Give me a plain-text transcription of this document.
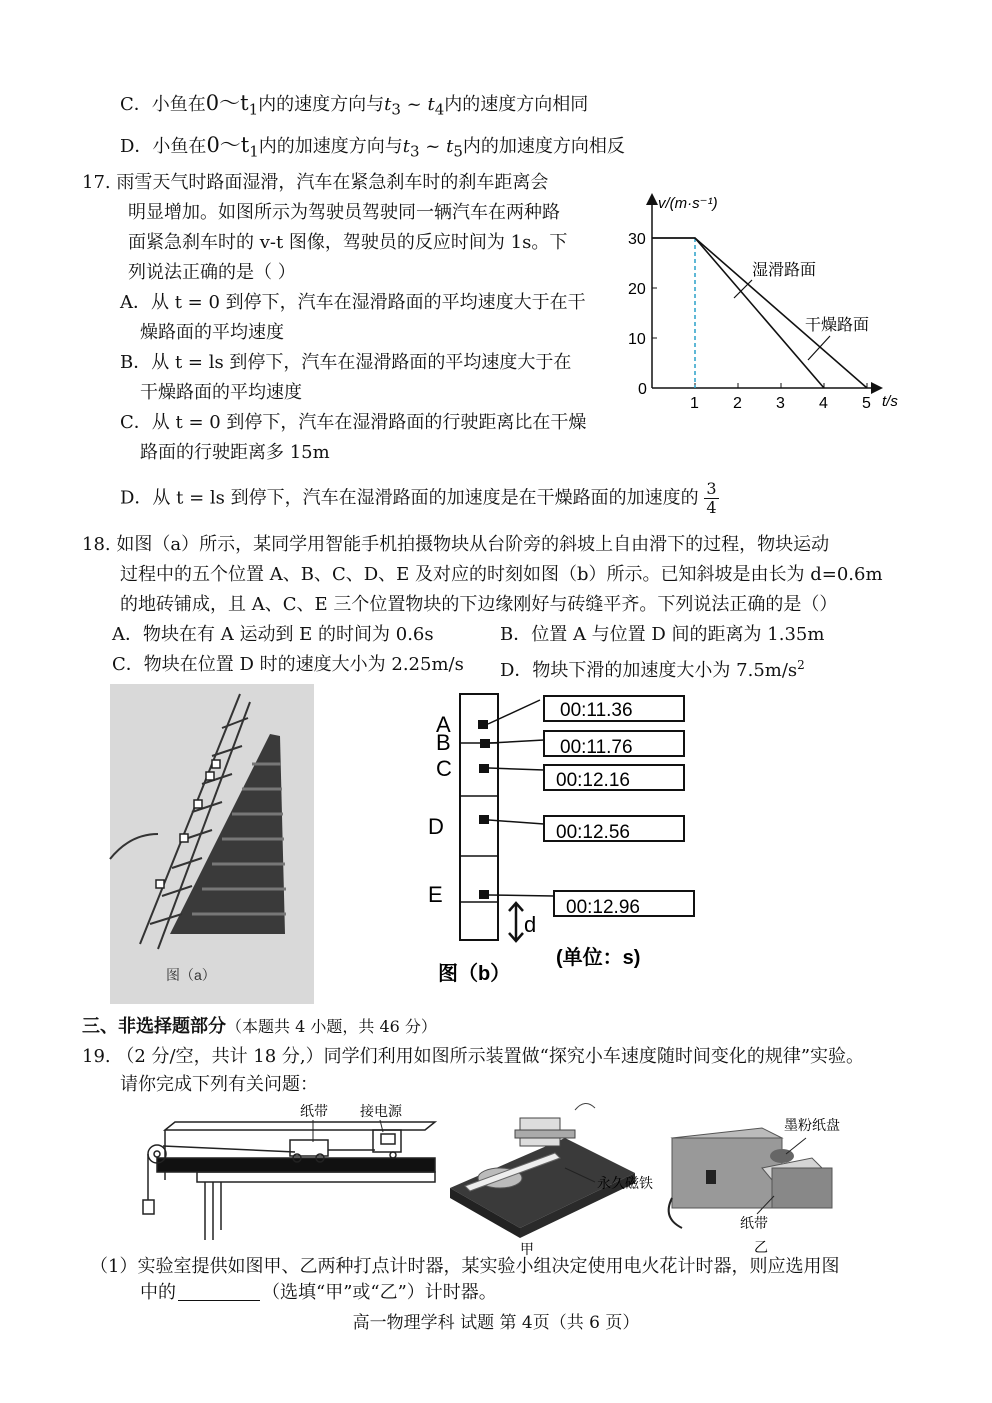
C．小鱼在$0\sim t_1$内的速度方向与$t_3$ ~ $t_4$内的速度方向相同
D．小鱼在$0\sim t_1$内的加速度方向与$t_3$ ~ $t_5$内的加速度方向相反
17. 雨雪天气时路面湿滑，汽车在紧急刹车时的刹车距离会
明显增加。如图所示为驾驶员驾驶同一辆汽车在两种路
面紧急刹车时的 v-t 图像，驾驶员的反应时间为 1s。下
列说法正确的是（ ）
A．从 t = 0 到停下，汽车在湿滑路面的平均速度大于在干
燥路面的平均速度
B．从 t = ls 到停下，汽车在湿滑路面的平均速度大于在
干燥路面的平均速度
C．从 t = 0 到停下，汽车在湿滑路面的行驶距离比在干燥
路面的行驶距离多 15m
D．从 t = ls 到停下，汽车在湿滑路面的加速度是在干燥路面的加速度的 $\frac{3}{4}$
v/(m·s⁻¹)
t/s
1 2 3 4 5
0
10
20
30
湿滑路面
干燥路面
18. 如图（a）所示，某同学用智能手机拍摄物块从台阶旁的斜坡上自由滑下的过程，物块运动
过程中的五个位置 A、B、C、D、E 及对应的时刻如图（b）所示。已知斜坡是由长为 d=0.6m
的地砖铺成，且 A、C、E 三个位置物块的下边缘刚好与砖缝平齐。下列说法正确的是（）
A．物块在有 A 运动到 E 的时间为 0.6s	B．位置 A 与位置 D 间的距离为 1.35m
C．物块在位置 D 时的速度大小为 2.25m/s D．物块下滑的加速度大小为 $7.5m/s^2$
图（a）
A
B
C
D
E
00:11.36
00:11.76
00:12.16
00:12.56
00:12.96
d
图（b）
(单位：s)
三、非选择题部分（本题共 4 小题，共 46 分）
19. （2 分/空，共计 18 分,）同学们利用如图所示装置做“探究小车速度随时间变化的规律”实验。
请你完成下列有关问题：
纸带 接电源
永久磁铁
甲
墨粉纸盘
纸带
乙
（1）实验室提供如图甲、乙两种打点计时器，某实验小组决定使用电火花计时器，则应选用图
中的	（选填“甲”或“乙”）计时器。
高一物理学科 试题 第 4页（共 6 页）
